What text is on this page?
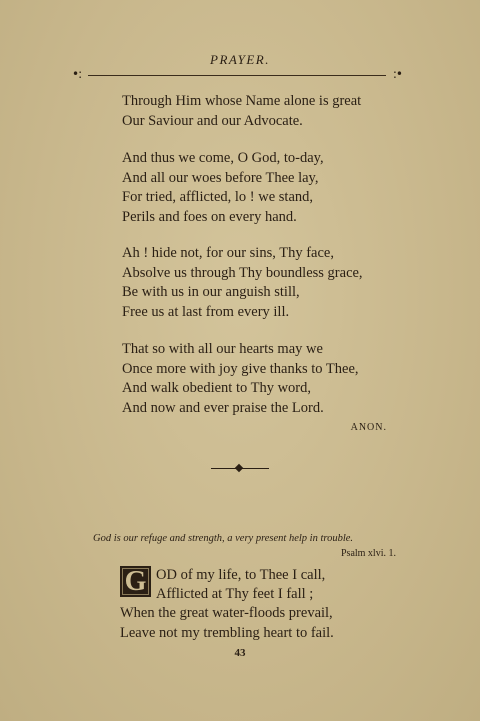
PRAYER.
•:	:•
Through Him whose Name alone is great
Our Saviour and our Advocate.
And thus we come, O God, to-day,
And all our woes before Thee lay,
For tried, afflicted, lo ! we stand,
Perils and foes on every hand.
Ah ! hide not, for our sins, Thy face,
Absolve us through Thy boundless grace,
Be with us in our anguish still,
Free us at last from every ill.
That so with all our hearts may we
Once more with joy give thanks to Thee,
And walk obedient to Thy word,
And now and ever praise the Lord.
ANON.
God is our refuge and strength, a very present help in trouble.
Psalm xlvi. 1.
G OD of my life, to Thee I call,
Afflicted at Thy feet I fall ;
When the great water-floods prevail,
Leave not my trembling heart to fail.
43
